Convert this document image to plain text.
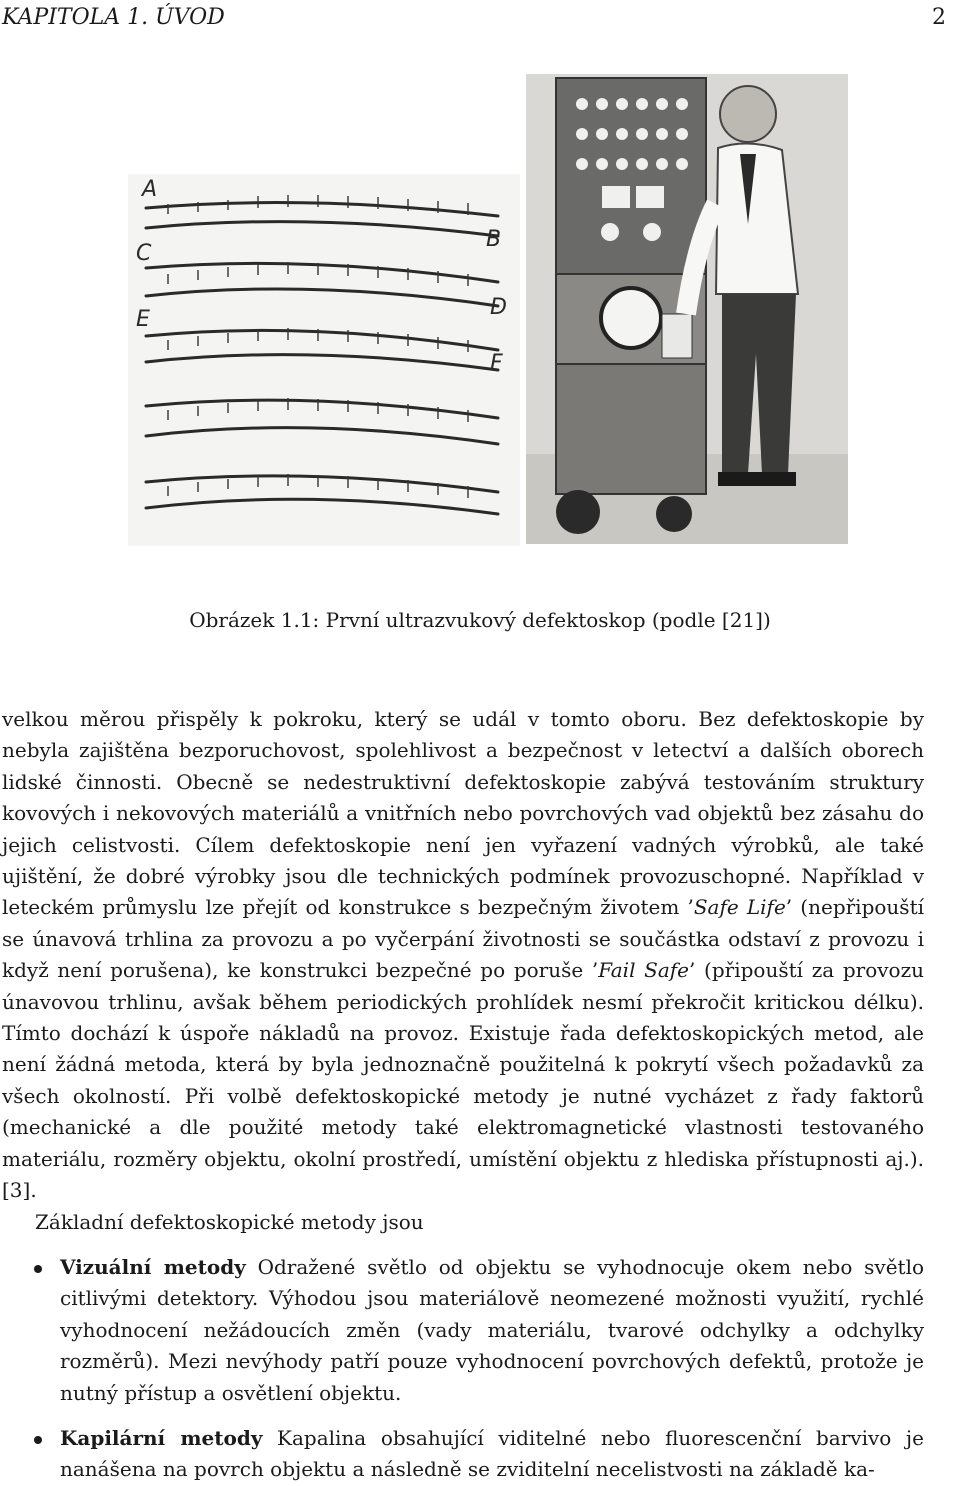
KAPITOLA 1. ÚVOD	2
A
B
C
D
E
F
Obrázek 1.1: První ultrazvukový defektoskop (podle [21])

velkou měrou přispěly k pokroku, který se udál v tomto oboru. Bez defektoskopie by nebyla zajištěna bezporuchovost, spolehlivost a bezpečnost v letectví a dalších oborech lidské činnosti. Obecně se nedestruktivní defektoskopie zabývá testováním struktury kovových i nekovových materiálů a vnitřních nebo povrchových vad objektů bez zásahu do jejich celistvosti. Cílem defektoskopie není jen vyřazení vadných výrobků, ale také ujištění, že dobré výrobky jsou dle technických podmínek provozuschopné. Například v leteckém průmyslu lze přejít od konstrukce s bezpečným životem ’Safe Life’ (nepřipouští se únavová trhlina za provozu a po vyčerpání životnosti se součástka odstaví z provozu i když není porušena), ke konstrukci bezpečné po poruše ’Fail Safe’ (připouští za provozu únavovou trhlinu, avšak během periodických prohlídek nesmí překročit kritickou délku). Tímto dochází k úspoře nákladů na provoz. Existuje řada defektoskopických metod, ale není žádná metoda, která by byla jednoznačně použitelná k pokrytí všech požadavků za všech okolností. Při volbě defektoskopické metody je nutné vycházet z řady faktorů (mechanické a dle použité metody také elektromagnetické vlastnosti testovaného materiálu, rozměry objektu, okolní prostředí, umístění objektu z hlediska přístupnosti aj.). [3].

Základní defektoskopické metody jsou

Vizuální metody Odražené světlo od objektu se vyhodnocuje okem nebo světlo citlivými detektory. Výhodou jsou materiálově neomezené možnosti využití, rychlé vyhodnocení nežádoucích změn (vady materiálu, tvarové odchylky a odchylky rozměrů). Mezi nevýhody patří pouze vyhodnocení povrchových defektů, protože je nutný přístup a osvětlení objektu.
Kapilární metody Kapalina obsahující viditelné nebo fluorescenční barvivo je nanášena na povrch objektu a následně se zviditelní necelistvosti na základě ka-
